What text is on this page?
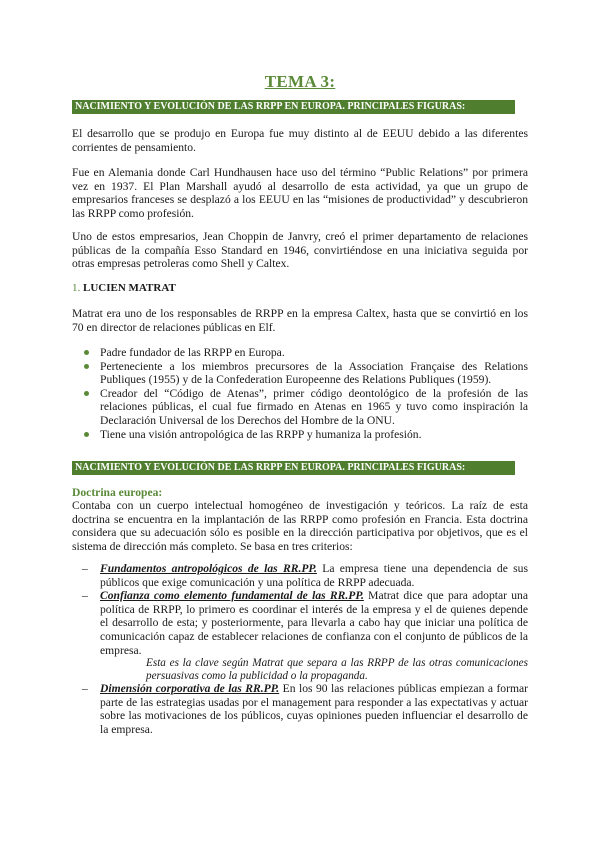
TEMA 3:
NACIMIENTO Y EVOLUCIÓN DE LAS RRPP EN EUROPA. PRINCIPALES FIGURAS:

El desarrollo que se produjo en Europa fue muy distinto al de EEUU debido a las diferentes corrientes de pensamiento.

Fue en Alemania donde Carl Hundhausen hace uso del término “Public Relations” por primera vez en 1937. El Plan Marshall ayudó al desarrollo de esta actividad, ya que un grupo de empresarios franceses se desplazó a los EEUU en las “misiones de productividad” y descubrieron las RRPP como profesión.

Uno de estos empresarios, Jean Choppin de Janvry, creó el primer departamento de relaciones públicas de la compañía Esso Standard en 1946, convirtiéndose en una iniciativa seguida por otras empresas petroleras como Shell y Caltex.

1. LUCIEN MATRAT

Matrat era uno de los responsables de RRPP en la empresa Caltex, hasta que se convirtió en los 70 en director de relaciones públicas en Elf.

Padre fundador de las RRPP en Europa.
Perteneciente a los miembros precursores de la Association Française des Relations Publiques (1955) y de la Confederation Europeenne des Relations Publiques (1959).
Creador del “Código de Atenas”, primer código deontológico de la profesión de las relaciones públicas, el cual fue firmado en Atenas en 1965 y tuvo como inspiración la Declaración Universal de los Derechos del Hombre de la ONU.
Tiene una visión antropológica de las RRPP y humaniza la profesión.
NACIMIENTO Y EVOLUCIÓN DE LAS RRPP EN EUROPA. PRINCIPALES FIGURAS:
Doctrina europea:

Contaba con un cuerpo intelectual homogéneo de investigación y teóricos. La raíz de esta doctrina se encuentra en la implantación de las RRPP como profesión en Francia. Esta doctrina considera que su adecuación sólo es posible en la dirección participativa por objetivos, que es el sistema de dirección más completo. Se basa en tres criterios:

– Fundamentos antropológicos de las RR.PP. La empresa tiene una dependencia de sus públicos que exige comunicación y una política de RRPP adecuada.
– Confianza como elemento fundamental de las RR.PP. Matrat dice que para adoptar una política de RRPP, lo primero es coordinar el interés de la empresa y el de quienes depende el desarrollo de esta; y posteriormente, para llevarla a cabo hay que iniciar una política de comunicación capaz de establecer relaciones de confianza con el conjunto de públicos de la empresa.
Esta es la clave según Matrat que separa a las RRPP de las otras comunicaciones persuasivas como la publicidad o la propaganda.
– Dimensión corporativa de las RR.PP. En los 90 las relaciones públicas empiezan a formar parte de las estrategias usadas por el management para responder a las expectativas y actuar sobre las motivaciones de los públicos, cuyas opiniones pueden influenciar el desarrollo de la empresa.
